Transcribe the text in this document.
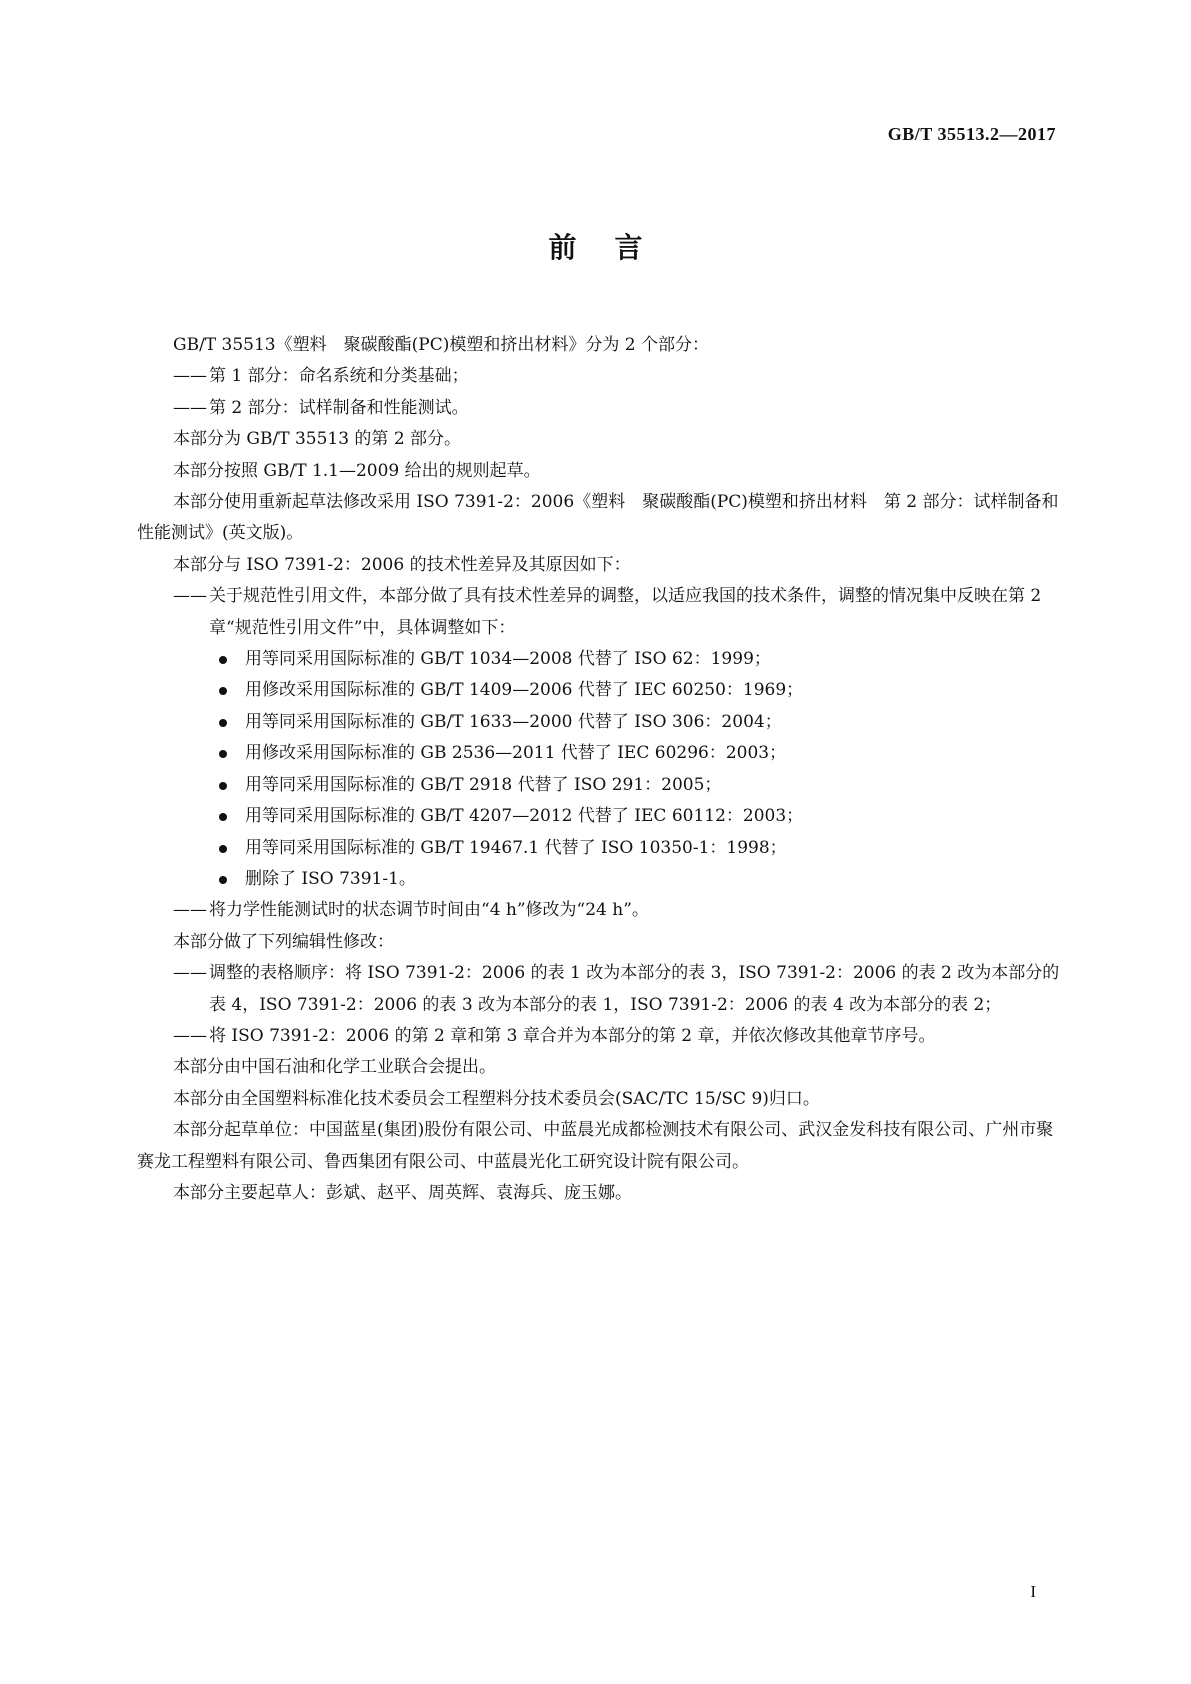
GB/T 35513.2—2017
前言

GB/T 35513《塑料　聚碳酸酯(PC)模塑和挤出材料》分为 2 个部分：

—— 第 1 部分：命名系统和分类基础；

—— 第 2 部分：试样制备和性能测试。

本部分为 GB/T 35513 的第 2 部分。

本部分按照 GB/T 1.1—2009 给出的规则起草。

本部分使用重新起草法修改采用 ISO 7391-2：2006《塑料　聚碳酸酯(PC)模塑和挤出材料　第 2 部分：试样制备和性能测试》(英文版)。

本部分与 ISO 7391-2：2006 的技术性差异及其原因如下：

—— 关于规范性引用文件，本部分做了具有技术性差异的调整，以适应我国的技术条件，调整的情况集中反映在第 2 章“规范性引用文件”中，具体调整如下：

用等同采用国际标准的 GB/T 1034—2008 代替了 ISO 62：1999；

用修改采用国际标准的 GB/T 1409—2006 代替了 IEC 60250：1969；

用等同采用国际标准的 GB/T 1633—2000 代替了 ISO 306：2004；

用修改采用国际标准的 GB 2536—2011 代替了 IEC 60296：2003；

用等同采用国际标准的 GB/T 2918 代替了 ISO 291：2005；

用等同采用国际标准的 GB/T 4207—2012 代替了 IEC 60112：2003；

用等同采用国际标准的 GB/T 19467.1 代替了 ISO 10350-1：1998；

删除了 ISO 7391-1。

—— 将力学性能测试时的状态调节时间由“4 h”修改为“24 h”。

本部分做了下列编辑性修改：

—— 调整的表格顺序：将 ISO 7391-2：2006 的表 1 改为本部分的表 3，ISO 7391-2：2006 的表 2 改为本部分的表 4，ISO 7391-2：2006 的表 3 改为本部分的表 1，ISO 7391-2：2006 的表 4 改为本部分的表 2；

—— 将 ISO 7391-2：2006 的第 2 章和第 3 章合并为本部分的第 2 章，并依次修改其他章节序号。

本部分由中国石油和化学工业联合会提出。

本部分由全国塑料标准化技术委员会工程塑料分技术委员会(SAC/TC 15/SC 9)归口。

本部分起草单位：中国蓝星(集团)股份有限公司、中蓝晨光成都检测技术有限公司、武汉金发科技有限公司、广州市聚赛龙工程塑料有限公司、鲁西集团有限公司、中蓝晨光化工研究设计院有限公司。

本部分主要起草人：彭斌、赵平、周英辉、袁海兵、庞玉娜。

I
